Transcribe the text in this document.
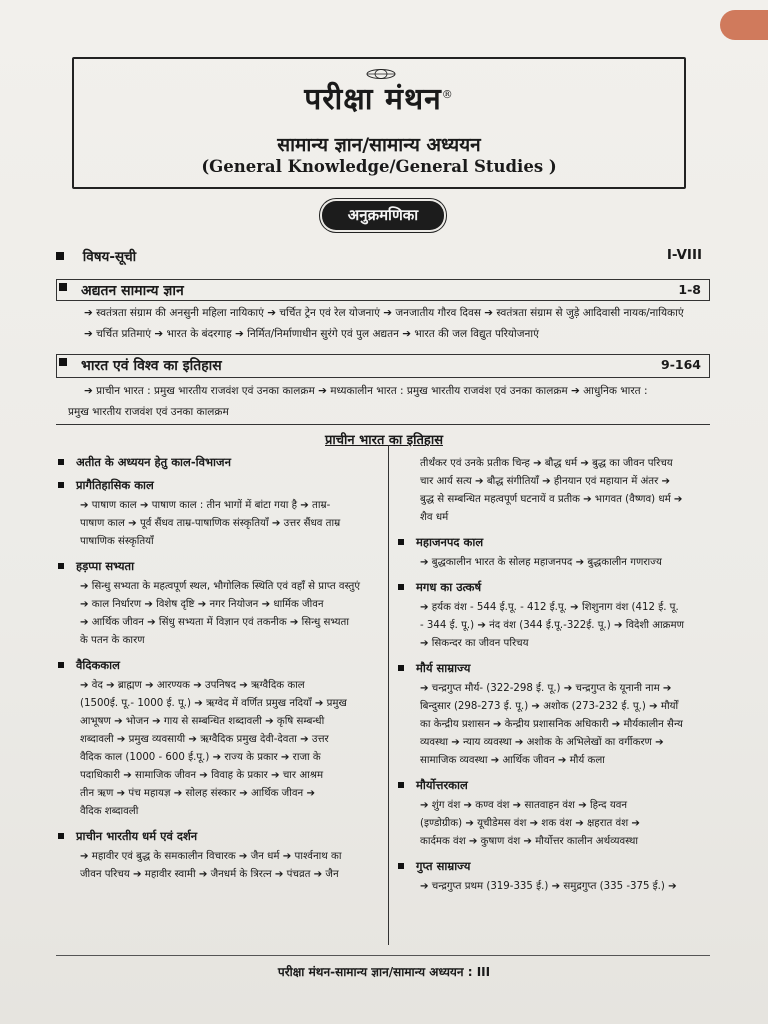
परीक्षा मंथन®
सामान्य ज्ञान/सामान्य अध्ययन
(General Knowledge/General Studies )
अनुक्रमणिका
विषय-सूची	I-VIII
अद्यतन सामान्य ज्ञान	1-8
➔ स्वतंत्रता संग्राम की अनसुनी महिला नायिकाएं ➔ चर्चित ट्रेन एवं रेल योजनाएं ➔ जनजातीय गौरव दिवस ➔ स्वतंत्रता संग्राम से जुड़े आदिवासी नायक/नायिकाएं
➔ चर्चित प्रतिमाएं ➔ भारत के बंदरगाह ➔ निर्मित/निर्माणाधीन सुरंगे एवं पुल अद्यतन ➔ भारत की जल विद्युत परियोजनाएं
भारत एवं विश्व का इतिहास	9-164
➔ प्राचीन भारत : प्रमुख भारतीय राजवंश एवं उनका कालक्रम ➔ मध्यकालीन भारत : प्रमुख भारतीय राजवंश एवं उनका कालक्रम ➔ आधुनिक भारत :
प्रमुख भारतीय राजवंश एवं उनका कालक्रम
प्राचीन भारत का इतिहास
अतीत के अध्ययन हेतु काल-विभाजन
प्रागैतिहासिक काल
➔ पाषाण काल ➔ पाषाण काल : तीन भागों में बांटा गया है ➔ ताम्र-
पाषाण काल ➔ पूर्व सैंधव ताम्र-पाषाणिक संस्कृतियाँ ➔ उत्तर सैंधव ताम्र
पाषाणिक संस्कृतियाँ
हड़प्पा सभ्यता
➔ सिन्धु सभ्यता के महत्वपूर्ण स्थल, भौगोलिक स्थिति एवं वहाँ से प्राप्त वस्तुएं
➔ काल निर्धारण ➔ विशेष दृष्टि ➔ नगर नियोजन ➔ धार्मिक जीवन
➔ आर्थिक जीवन ➔ सिंधु सभ्यता में विज्ञान एवं तकनीक ➔ सिन्धु सभ्यता
के पतन के कारण
वैदिककाल
➔ वेद ➔ ब्राह्मण ➔ आरण्यक ➔ उपनिषद ➔ ऋग्वैदिक काल
(1500ई. पू.- 1000 ई. पू.) ➔ ऋग्वेद में वर्णित प्रमुख नदियाँ ➔ प्रमुख
आभूषण ➔ भोजन ➔ गाय से सम्बन्धित शब्दावली ➔ कृषि सम्बन्धी
शब्दावली ➔ प्रमुख व्यवसायी ➔ ऋग्वैदिक प्रमुख देवी-देवता ➔ उत्तर
वैदिक काल (1000 - 600 ई.पू.) ➔ राज्य के प्रकार ➔ राजा के
पदाधिकारी ➔ सामाजिक जीवन ➔ विवाह के प्रकार ➔ चार आश्रम
तीन ऋण ➔ पंच महायज्ञ ➔ सोलह संस्कार ➔ आर्थिक जीवन ➔
वैदिक शब्दावली
प्राचीन भारतीय धर्म एवं दर्शन
➔ महावीर एवं बुद्ध के समकालीन विचारक ➔ जैन धर्म ➔ पार्श्वनाथ का
जीवन परिचय ➔ महावीर स्वामी ➔ जैनधर्म के त्रिरत्न ➔ पंचव्रत ➔ जैन
तीर्थंकर एवं उनके प्रतीक चिन्ह ➔ बौद्ध धर्म ➔ बुद्ध का जीवन परिचय
चार आर्य सत्य ➔ बौद्ध संगीतियाँ ➔ हीनयान एवं महायान में अंतर ➔
बुद्ध से सम्बन्धित महत्वपूर्ण घटनायें व प्रतीक ➔ भागवत (वैष्णव) धर्म ➔
शैव धर्म
महाजनपद काल
➔ बुद्धकालीन भारत के सोलह महाजनपद ➔ बुद्धकालीन गणराज्य
मगध का उत्कर्ष
➔ हर्यक वंश - 544 ई.पू. - 412 ई.पू. ➔ शिशुनाग वंश (412 ई. पू.
- 344 ई. पू.) ➔ नंद वंश (344 ई.पू.-322ई. पू.) ➔ विदेशी आक्रमण
➔ सिकन्दर का जीवन परिचय
मौर्य साम्राज्य
➔ चन्द्रगुप्त मौर्य- (322-298 ई. पू.) ➔ चन्द्रगुप्त के यूनानी नाम ➔
बिन्दुसार (298-273 ई. पू.) ➔ अशोक (273-232 ई. पू.) ➔ मौर्यों
का केन्द्रीय प्रशासन ➔ केन्द्रीय प्रशासनिक अधिकारी ➔ मौर्यकालीन सैन्य
व्यवस्था ➔ न्याय व्यवस्था ➔ अशोक के अभिलेखों का वर्गीकरण ➔
सामाजिक व्यवस्था ➔ आर्थिक जीवन ➔ मौर्य कला
मौर्योत्तरकाल
➔ शुंग वंश ➔ कण्व वंश ➔ सातवाहन वंश ➔ हिन्द यवन
(इण्डोग्रीक) ➔ यूचीडेमस वंश ➔ शक वंश ➔ क्षहरात वंश ➔
कार्दमक वंश ➔ कुषाण वंश ➔ मौर्योत्तर कालीन अर्थव्यवस्था
गुप्त साम्राज्य
➔ चन्द्रगुप्त प्रथम (319-335 ई.) ➔ समुद्रगुप्त (335 -375 ई.) ➔
परीक्षा मंथन-सामान्य ज्ञान/सामान्य अध्ययन : III
